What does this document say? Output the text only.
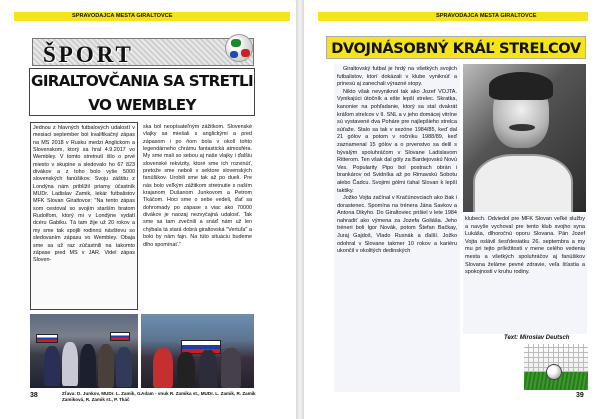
SPRAVODAJCA MESTA GIRALTOVCE
ŠPORT
GIRALTOVČANIA SA STRETLI
VO WEMBLEY
Jednou z hlavných futbalových udalostí v mesiaci september bol kvalifikačný zápas na MS 2018 v Rusku medzi Anglickom a Slovenskom, ktorý sa hral 4.9.2017 vo Wembley. V tomto stretnutí išlo o prvé miesto v skupine a sledovalo ho 67 823 divákov a z toho bolo vyše 5000 slovenských fanúšikov. Svoju záštitu z Londýna nám priblížil priamy účastník MUDr. Ladislav Zamik, lekár futbalistov MFK Slovan Giraltovce: "Na tento zápas som cestoval so svojím starším bratom Rudolfom, ktorý mi v Londýne vydatí dcéru Gabiku. Tá tam žije už 20 rokov a my sme tak spojili rodinnú návštevu so sledovaním zápasu vo Wembley. Obaja sme sa už raz zúčastnili na takomto zápase pred MS v JAR. Videl zápas Sloven-
ska bol neopísateľným zážitkom. Slovenské vlajky sa miešali s anglickými a pred zápasom i po ňom bola v okolí tohto legendárneho chrámu fantastická atmosféra. My sme mali so sebou aj naše vlajky i ďalšiu slovenské rekvizity, ktoré sme ich rozvinúť, pretože sme neboli v sektore slovenských fanúšikov. Urobili sme tak až po dueli. Pre nás bolo veľkým zážitkom stretnutie s naším krajanom Dušanom Junkovom a Petrom Tkáčom. Hoci sme o sebe vedeli, ďať sa dohromady po zápase s viac ako 70000 divákov je naozaj nezvyčajná udalosť. Tak sme sa tam zvečnili a snáď nám už len chýbala tá stará dobrá giraltovská "Vertuľa" a bolo by nám fajn. Na túto situáciu budeme dlho spomínať."
38	Zľava: D. Junkov, MUDr. L. Zamik, G. Zamiková, R. Zamik st., P. Tkáč
Adam - vnuk R. Zamika st., MUDr. L. Zamik, R. Zamik
SPRAVODAJCA MESTA GIRALTOVCE
DVOJNÁSOBNÝ KRÁĽ STRELCOV

Giraltovský futbal je hrdý na všetkých svojich futbalistov, ktorí dokázali v klube vyniknúť a prinesú aj zanechali výrazné stopy.

Nikto však nevyniknol tak ako Jozef VOJTA. Vynikajúci útočník a ešte lepší strelec. Skratka, kanonier na pohľadanie, ktorý sa stal dvakrát kráľom strelcov v II. SNL a v jeho domácej vitríne sú vystavené dva Poháre pre najlepšieho strelca súťaže. Stalo sa tak v sezóne 1984/85, keď dal 21 gólov a potom v ročníku 1988/89, keď zaznamenal 15 gólov a o prvenstvo sa delil s bývalým spoluhráčom v Slovane Ladislavom Ritterom. Ten však dal góly za Bardejovskú Novú Ves. Popularity Pipo bol postrach obrán i brankárov od Svidníka až po Rimavskú Sobotu alebo Čadcu. Svojimi gólmi ťahal Slovan k lepší taktiky.

Jožko Vojta začínal v Kračúnovciach ako žiak i dorastenec. Spomína na trénera Jána Savkov a Antona Dikyho. Do Giraltoviec prišiel v lete 1984 nahradiť ako výmena za Jozefa Goliáša. Jeho tréneri boli Igor Novák, potom Štefan Bačkay, Juraj Gajdoš, Vlado Rusnák a ďalší. Jožko odohral v Slovane takmer 10 rokov a kariéru ukončil v okolitých dedinských

klubech. Odviedol pre MFK Slovan veľké služby a navyše vychoval pre tento klub svojho syna Lukáša, dlhoročnú oporu Slovana. Pán Jozef Vojta oslávil šesťdesiatku 26. septembra a my mu pri tejto príležitosti v mene celého vedenia mesta a všetkých spoluhráčov aj fanúšikov Slovana želáme pevné zdravie, veľa šťastia a spokojnosti v kruhu rodiny.
Text: Miroslav Deutsch
39
